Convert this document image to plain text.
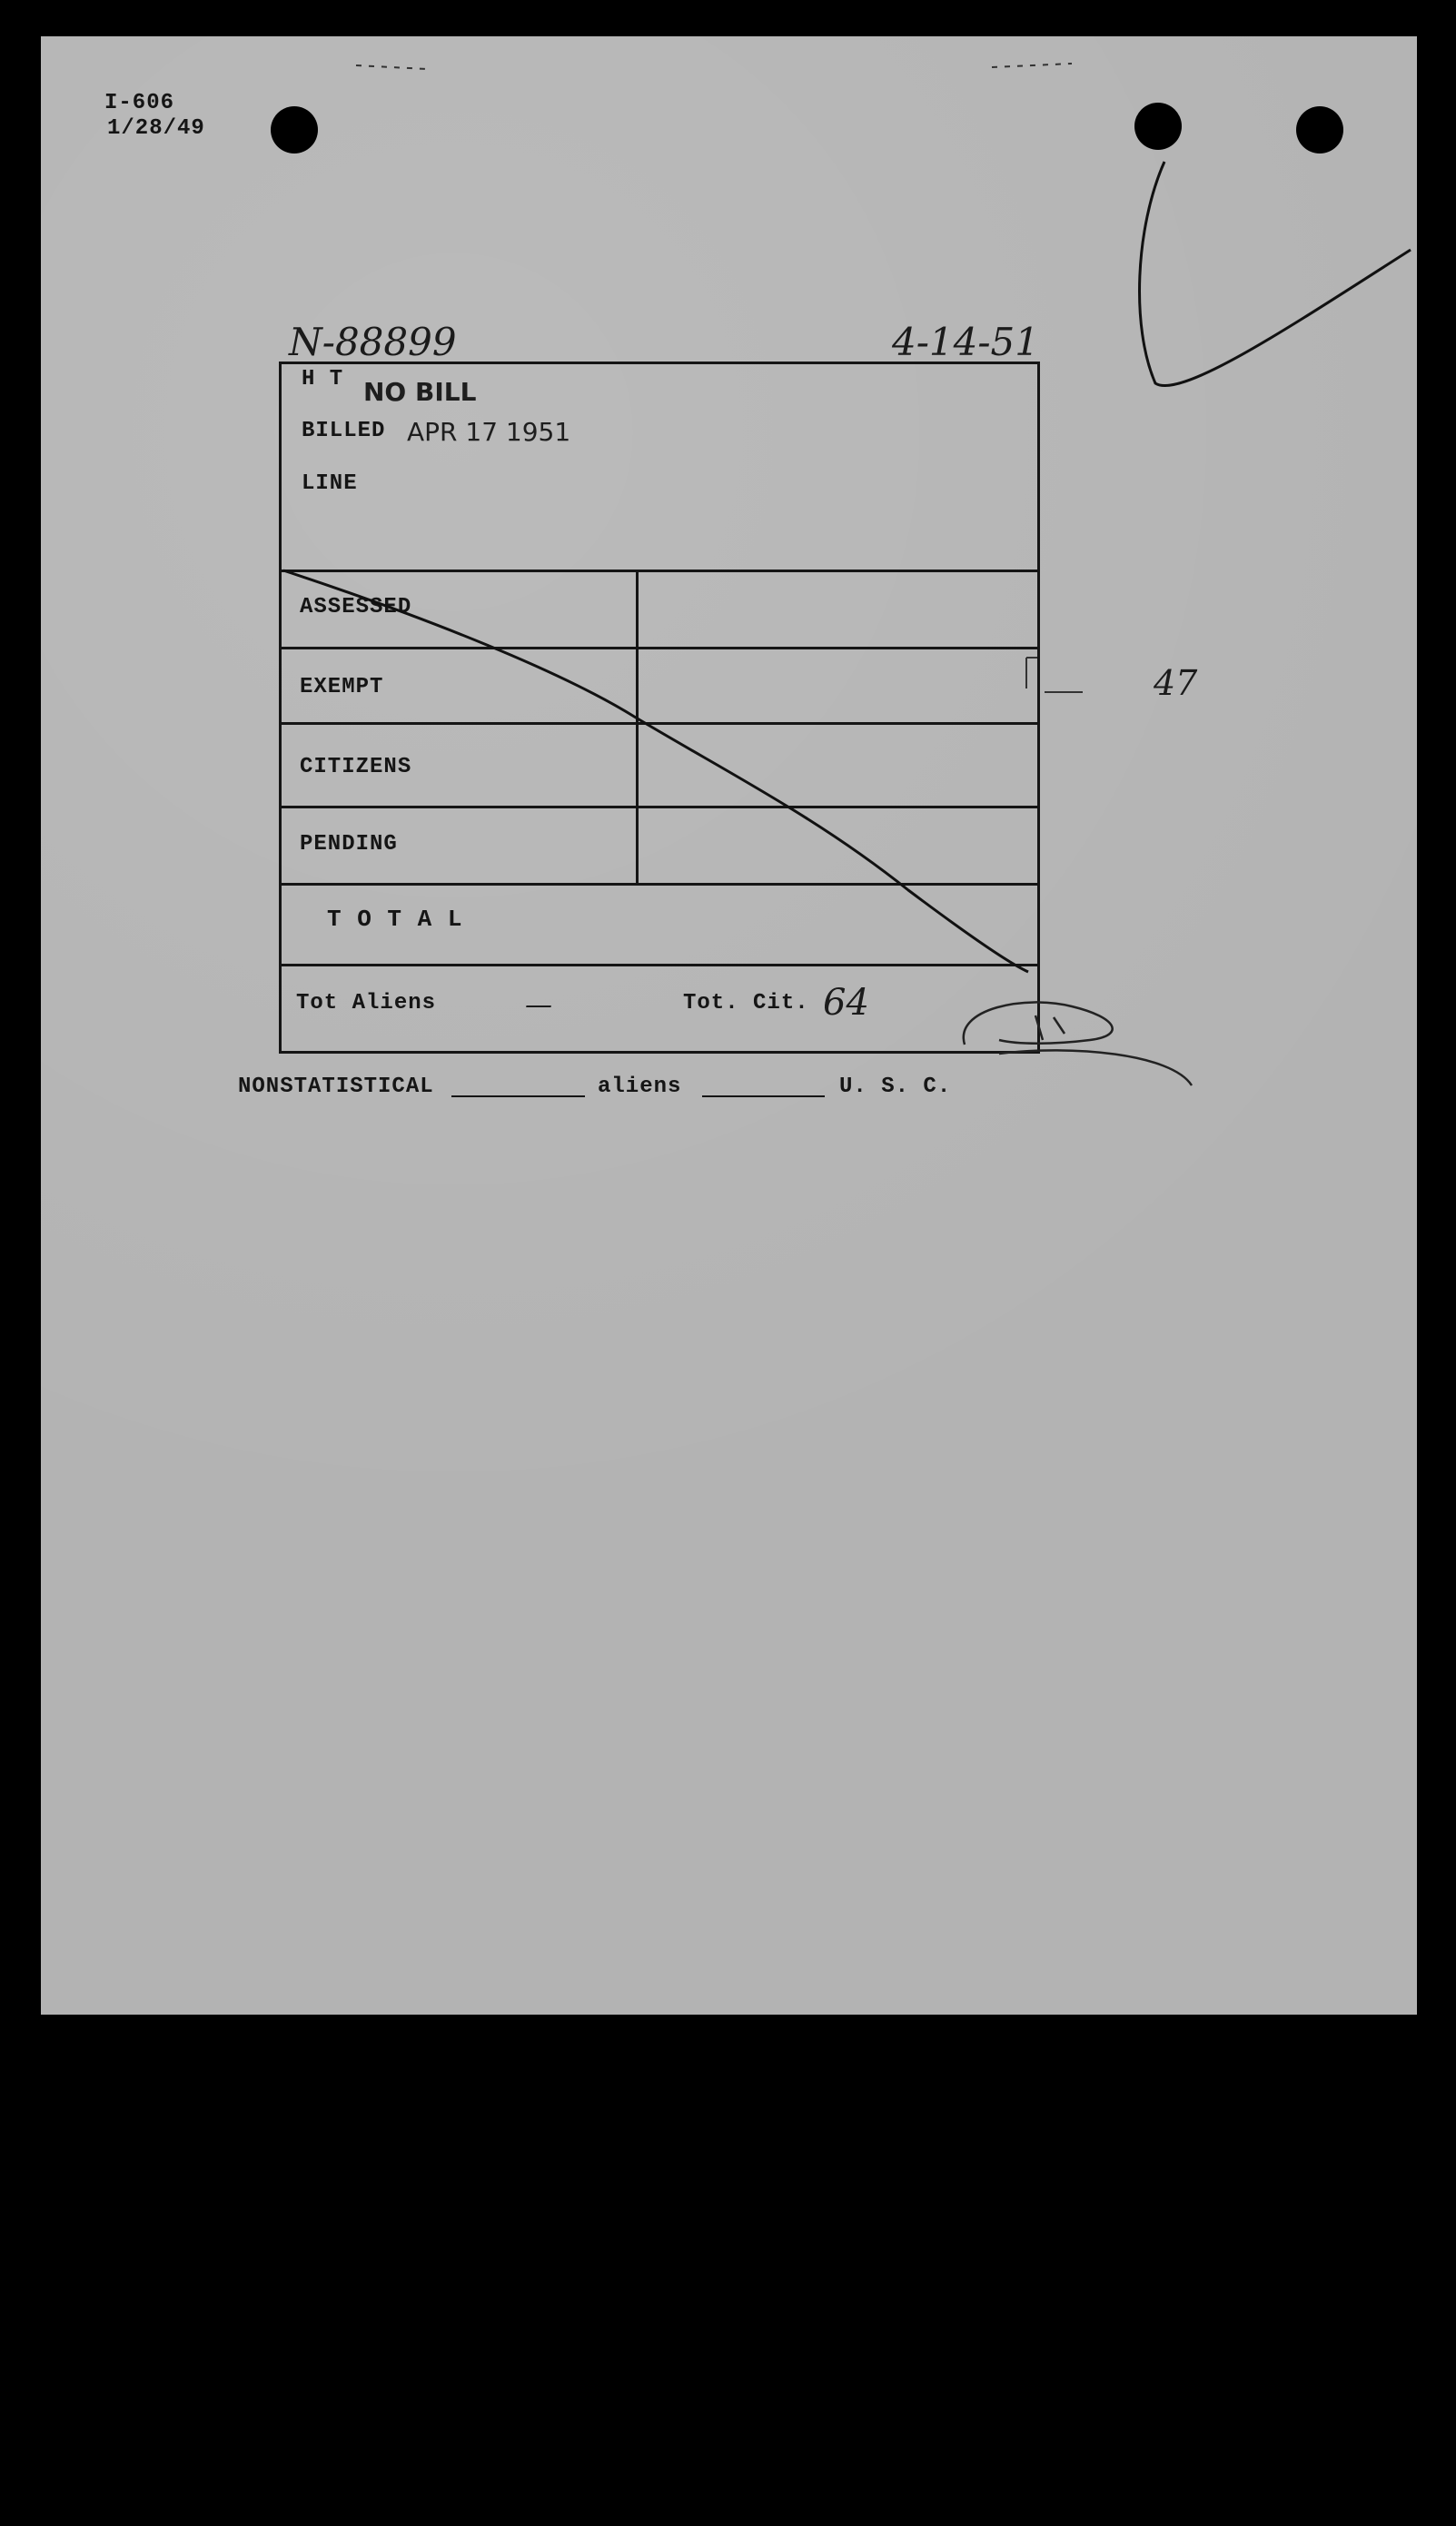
I-606
1/28/49
N-88899	4-14-51
H T NO BILL
BILLED APR 17 1951
LINE
ASSESSED
EXEMPT
CITIZENS
PENDING
T O T A L
Tot Aliens	—	Tot. Cit. 64
NONSTATISTICAL	aliens	U. S. C.
47
